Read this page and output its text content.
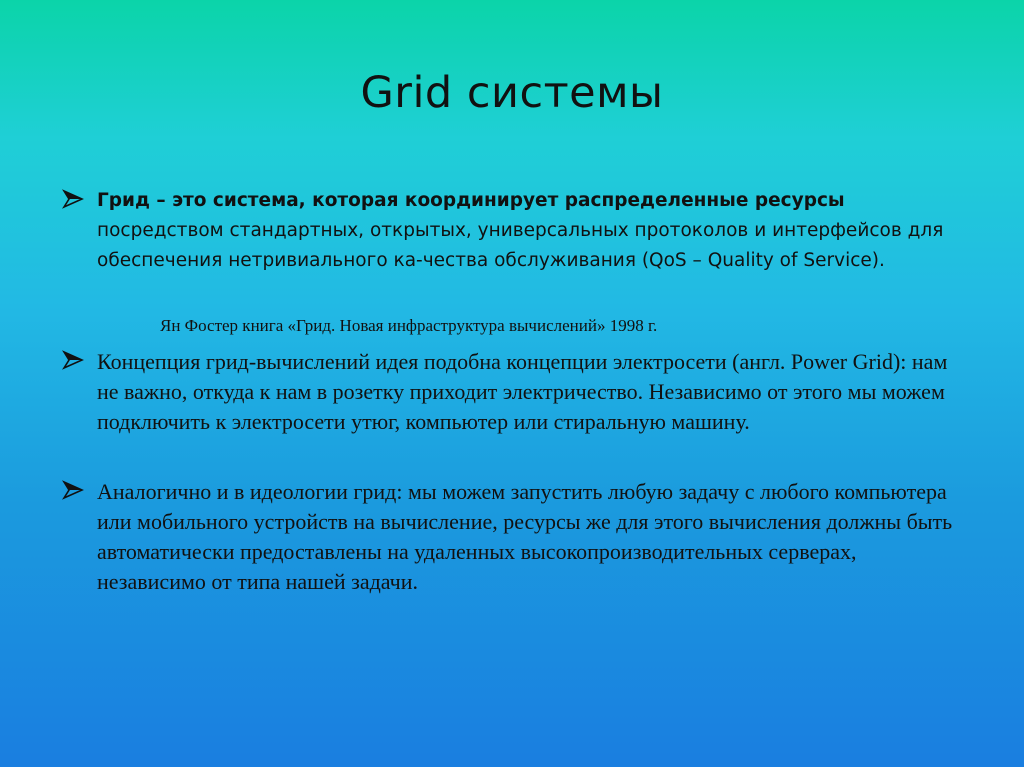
Grid системы
Грид – это система, которая координирует распределенные ресурсы посредством стандартных, открытых, универсальных протоколов и интерфейсов для обеспечения нетривиального ка-чества обслуживания (QoS – Quality of Service).
Ян Фостер книга «Грид. Новая инфраструктура вычислений» 1998 г.
Концепция грид-вычислений идея подобна концепции электросети (англ. Power Grid): нам не важно, откуда к нам в розетку приходит электричество. Независимо от этого мы можем подключить к электросети утюг, компьютер или стиральную машину.
Аналогично и в идеологии грид: мы можем запустить любую задачу с любого компьютера или мобильного устройств на вычисление, ресурсы же для этого вычисления должны быть автоматически предоставлены на удаленных высокопроизводительных серверах, независимо от типа нашей задачи.
